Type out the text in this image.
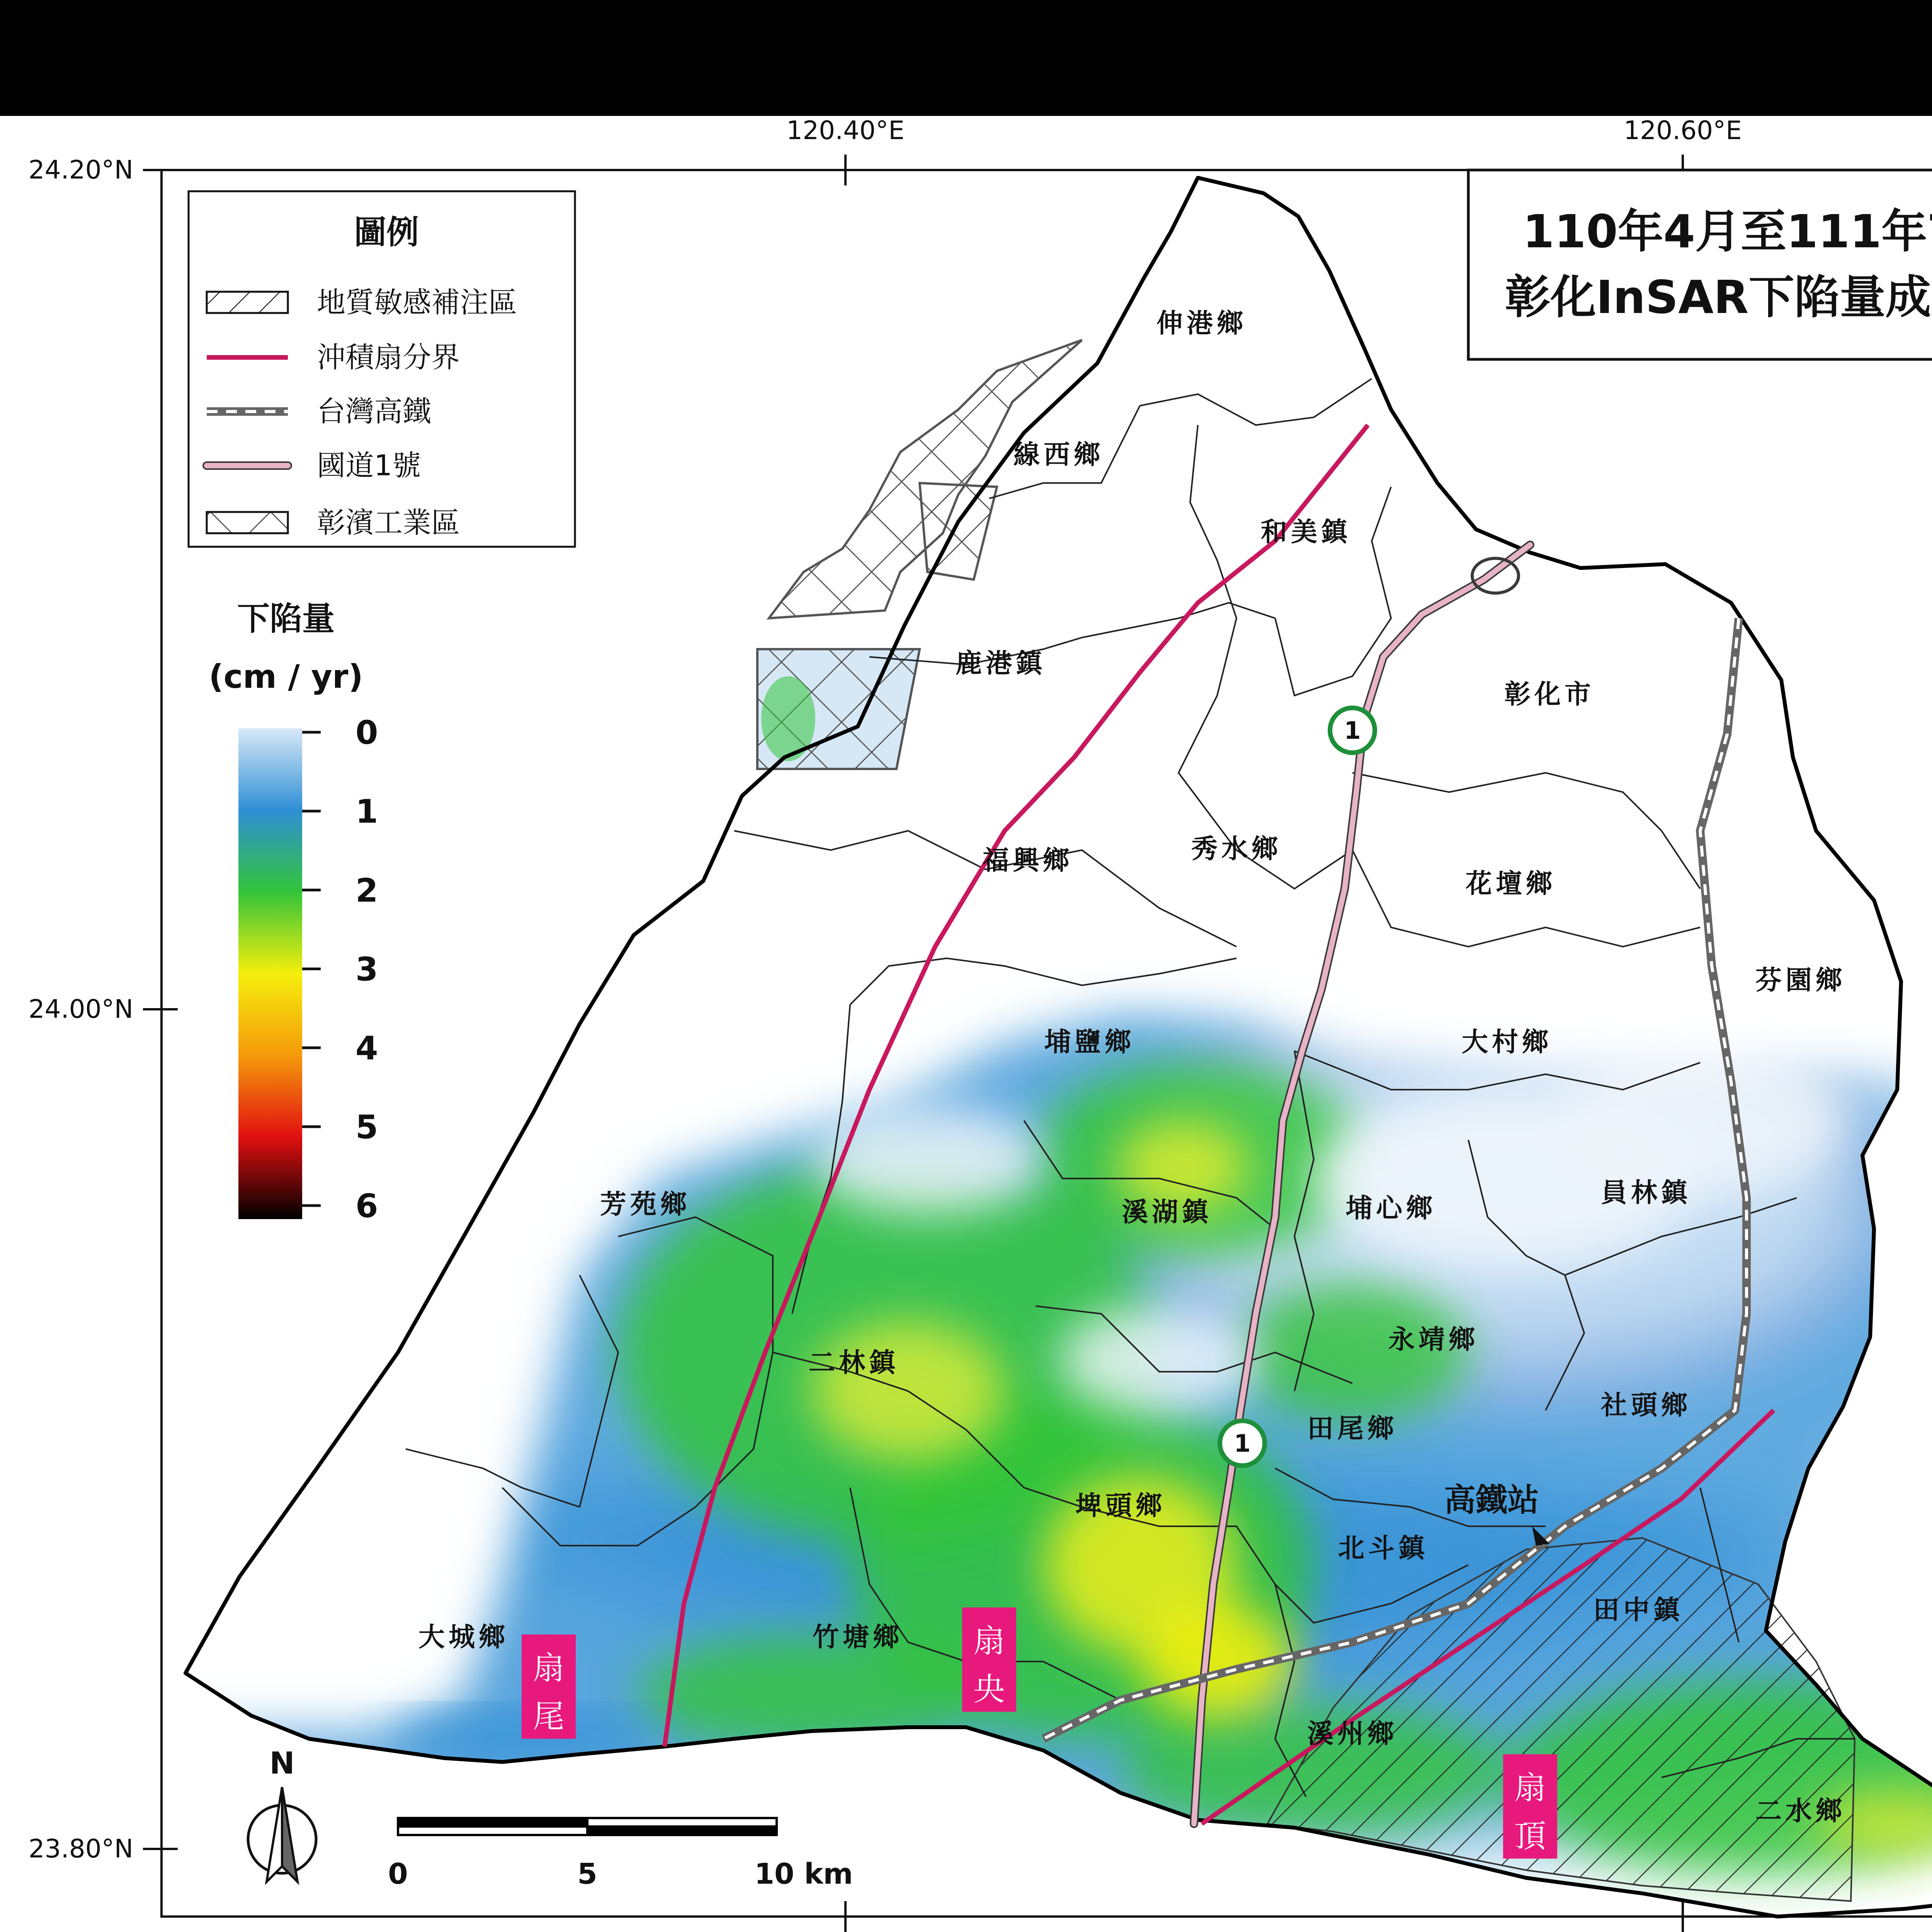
120.40°E	120.60°E
24.20°N
24.00°N
23.80°N
1
1
伸港鄉
線西鄉
和美鎮
鹿港鎮
彰化市
福興鄉	秀水鄉
花壇鄉
芬園鄉
埔鹽鄉	大村鄉
芳苑鄉	溪湖鎮	埔心鄉
員林鎮
永靖鄉
二林鎮
社頭鄉
田尾鄉
埤頭鄉
北斗鎮
田中鎮
大城鄉	竹塘鄉
溪州鄉
二水鄉
高鐵站
扇
尾
扇
央
扇
頂
110年4月至111年
彰化InSAR下陷量成
圖例
地質敏感補注區
沖積扇分界
台灣高鐵
國道1號
彰濱工業區
下陷量
(cm / yr)
0
1
2
3
4
5
6
N
0	5	10 km
